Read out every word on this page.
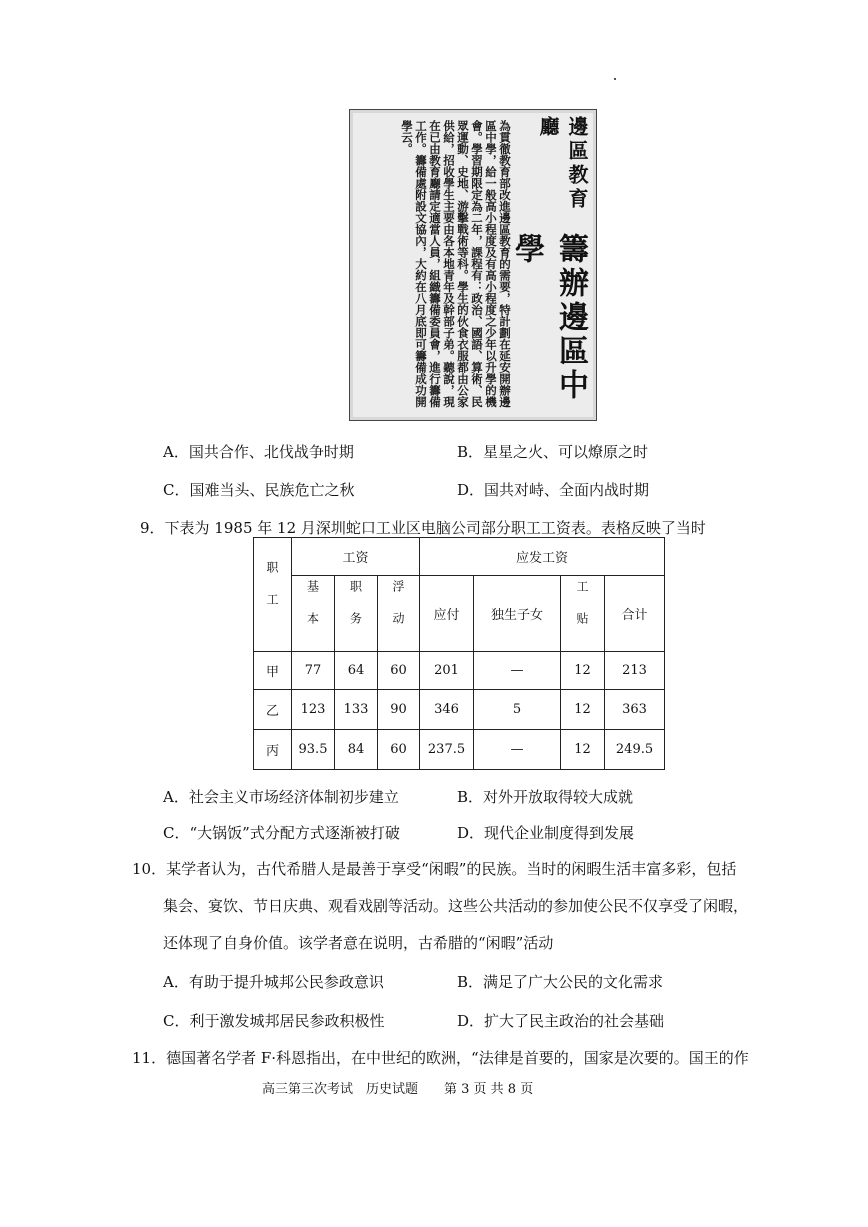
邊區教育廳
籌辦邊區中學
為貫徹教育部改進邊區教育的需要，特計劃在延安開辦邊區中學，給一般高小程度及有高小程度之少年以升學的機會。學習期限定為二年，課程有：政治、國語、算術、民眾運動、史地、游擊戰術等科。學生的伙食衣服都由公家供給，招收學生主要由各本地青年及幹部子弟。聽說，現在已由教育廳請定適當人員，組織籌備委員會，進行籌備工作。籌備處附設文協內，大約在八月底即可籌備成功開學云。
A．国共合作、北伐战争时期	B．星星之火、可以燎原之时
C．国难当头、民族危亡之秋	D．国共对峙、全面内战时期
9．下表为 1985 年 12 月深圳蛇口工业区电脑公司部分职工工资表。表格反映了当时
职工	工资			应发工资			
	基本	职务	浮动	应付	独生子女	工贴	合计
甲	77	64	60	201	—	12	213
乙	123	133	90	346	5	12	363
丙	93.5	84	60	237.5	—	12	249.5
A．社会主义市场经济体制初步建立	B．对外开放取得较大成就
C．“大锅饭”式分配方式逐渐被打破	D．现代企业制度得到发展
10．某学者认为，古代希腊人是最善于享受“闲暇”的民族。当时的闲暇生活丰富多彩，包括
集会、宴饮、节日庆典、观看戏剧等活动。这些公共活动的参加使公民不仅享受了闲暇，
还体现了自身价值。该学者意在说明，古希腊的“闲暇”活动
A．有助于提升城邦公民参政意识	B．满足了广大公民的文化需求
C．利于激发城邦居民参政积极性	D．扩大了民主政治的社会基础
11．德国著名学者 F·科恩指出，在中世纪的欧洲，“法律是首要的，国家是次要的。国王的作
高三第三次考试　历史试题　　第 3 页 共 8 页
